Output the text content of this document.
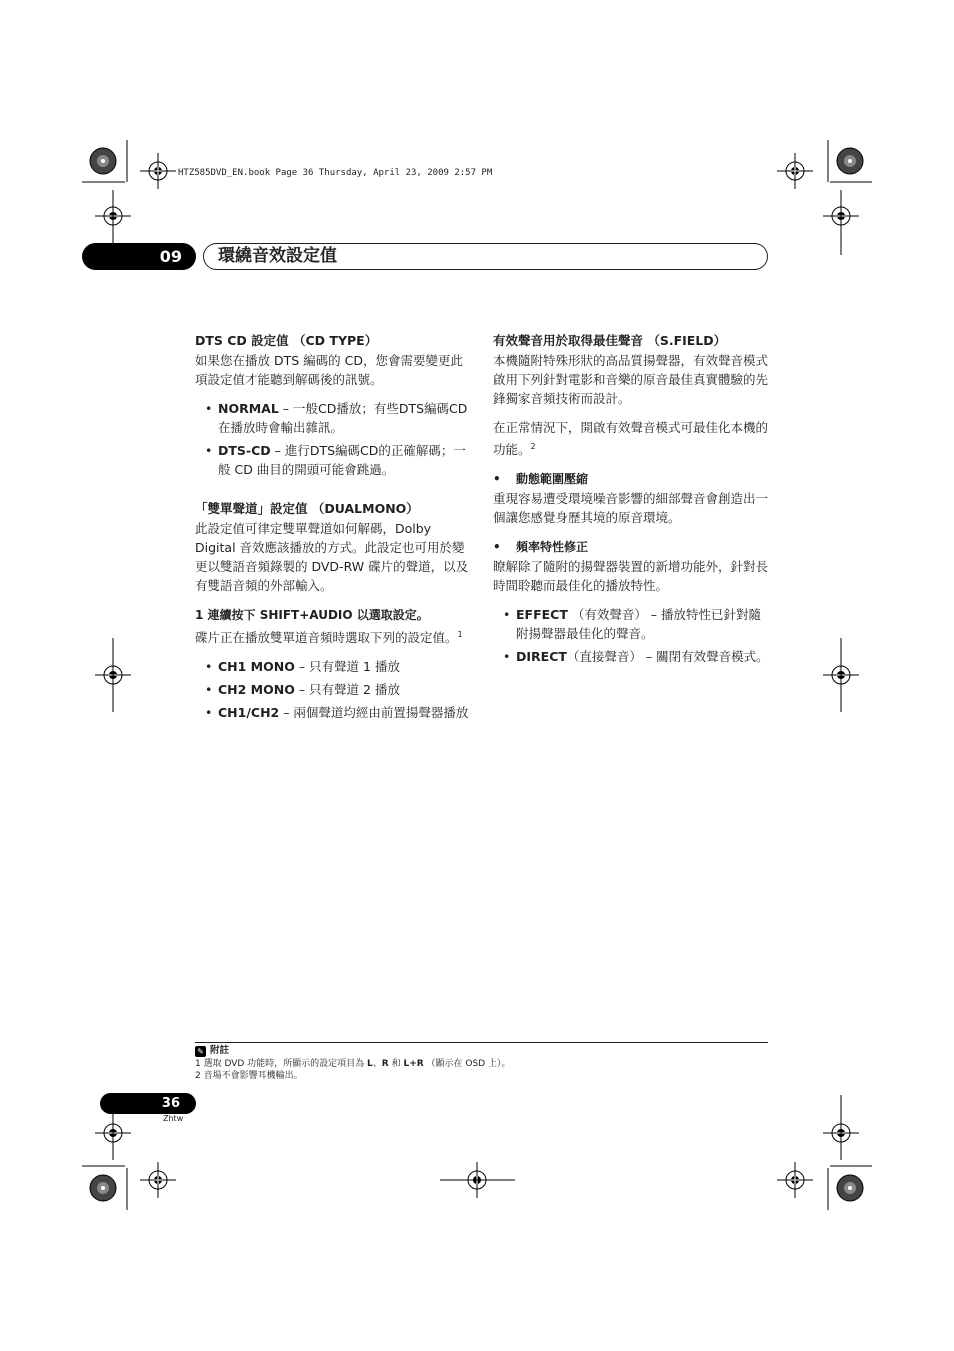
HTZ585DVD_EN.book Page 36 Thursday, April 23, 2009 2:57 PM
09	環繞音效設定值
DTS CD 設定值 （CD TYPE）

如果您在播放 DTS 編碼的 CD，您會需要變更此項設定值才能聽到解碼後的訊號。

• NORMAL – 一般CD播放；有些DTS編碼CD在播放時會輸出雜訊。
• DTS-CD – 進行DTS編碼CD的正確解碼；一般 CD 曲目的開頭可能會跳過。
「雙單聲道」設定值 （DUALMONO）

此設定值可律定雙單聲道如何解碼，Dolby Digital 音效應該播放的方式。此設定也可用於變更以雙語音頻錄製的 DVD-RW 碟片的聲道，以及有雙語音頻的外部輸入。

1 連續按下 SHIFT+AUDIO 以選取設定。

碟片正在播放雙單道音頻時選取下列的設定值。$^1$

• CH1 MONO – 只有聲道 1 播放
• CH2 MONO – 只有聲道 2 播放
• CH1/CH2 – 兩個聲道均經由前置揚聲器播放
有效聲音用於取得最佳聲音 （S.FIELD）

本機隨附特殊形狀的高品質揚聲器，有效聲音模式啟用下列針對電影和音樂的原音最佳真實體驗的先鋒獨家音頻技術而設計。

在正常情況下，開啟有效聲音模式可最佳化本機的功能。$^2$

• 動態範圍壓縮

重現容易遭受環境噪音影響的細部聲音會創造出一個讓您感覺身歷其境的原音環境。

• 頻率特性修正

瞭解除了隨附的揚聲器裝置的新增功能外，針對長時間聆聽而最佳化的播放特性。

• EFFECT （有效聲音） – 播放特性已針對隨附揚聲器最佳化的聲音。
• DIRECT（直接聲音） – 關閉有效聲音模式。
✎ 附註
1 選取 DVD 功能時，所顯示的設定項目為 L、R 和 L+R （顯示在 OSD 上）。
2 音場不會影響耳機輸出。
36
Zhtw
